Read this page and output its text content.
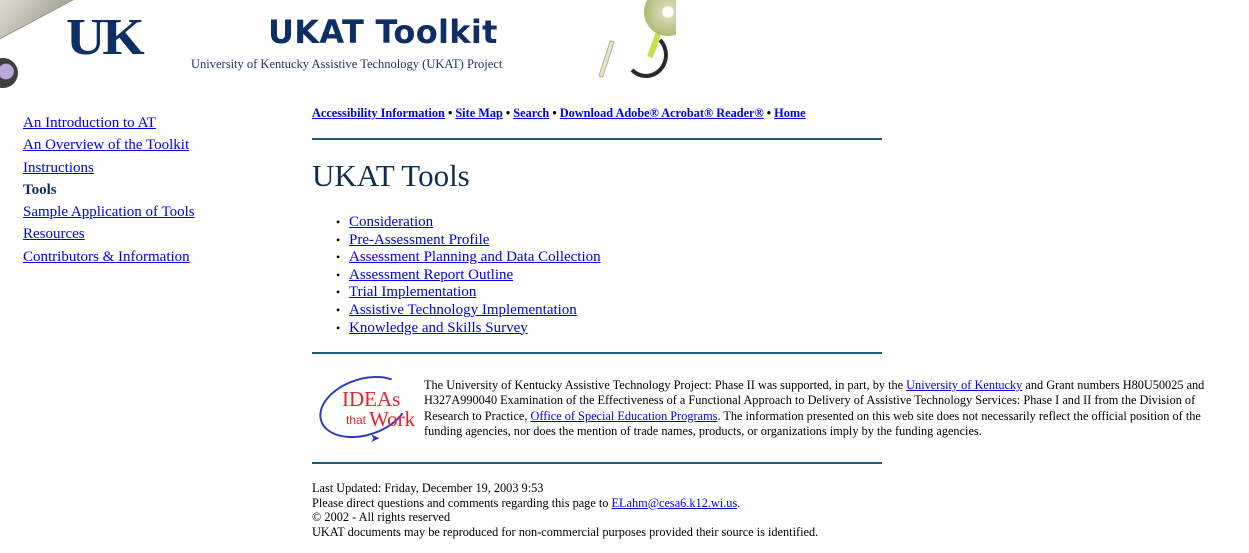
UK	UKAT Toolkit
University of Kentucky Assistive Technology (UKAT) Project
An Introduction to AT
An Overview of the Toolkit
Instructions
Tools
Sample Application of Tools
Resources
Contributors & Information
Accessibility Information • Site Map • Search • Download Adobe® Acrobat® Reader® • Home
UKAT Tools
• Consideration
• Pre-Assessment Profile
• Assessment Planning and Data Collection
• Assessment Report Outline
• Trial Implementation
• Assistive Technology Implementation
• Knowledge and Skills Survey
IDEAs
that Work
➤
The University of Kentucky Assistive Technology Project: Phase II was supported, in part, by the University of Kentucky and Grant numbers H80U50025 and H327A990040 Examination of the Effectiveness of a Functional Approach to Delivery of Assistive Technology Services: Phase I and II from the Division of Research to Practice, Office of Special Education Programs. The information presented on this web site does not necessarily reflect the official position of the funding agencies, nor does the mention of trade names, products, or organizations imply by the funding agencies.
Last Updated: Friday, December 19, 2003 9:53
Please direct questions and comments regarding this page to ELahm@cesa6.k12.wi.us.
© 2002 - All rights reserved
UKAT documents may be reproduced for non-commercial purposes provided their source is identified.
